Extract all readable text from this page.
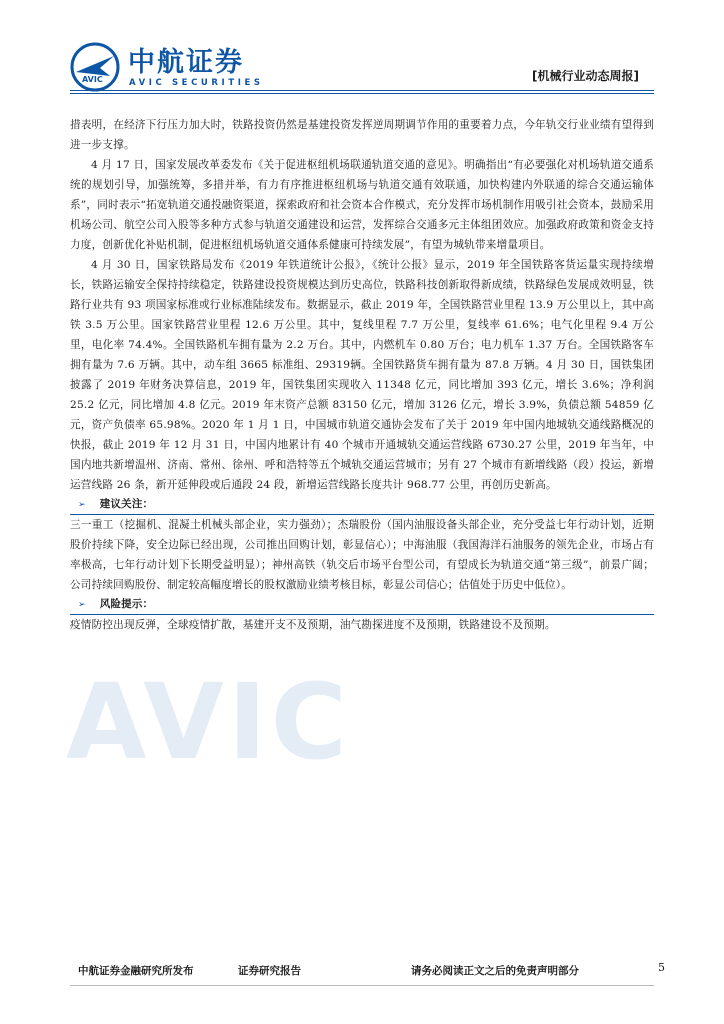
AVIC
中航证券
AVIC SECURITIES	[机械行业动态周报]
AVIC

措表明，在经济下行压力加大时，铁路投资仍然是基建投资发挥逆周期调节作用的重要着力点，今年轨交行业业绩有望得到进一步支撑。

4 月 17 日，国家发展改革委发布《关于促进枢纽机场联通轨道交通的意见》。明确指出“有必要强化对机场轨道交通系统的规划引导，加强统筹，多措并举，有力有序推进枢纽机场与轨道交通有效联通，加快构建内外联通的综合交通运输体系”，同时表示“拓宽轨道交通投融资渠道，探索政府和社会资本合作模式，充分发挥市场机制作用吸引社会资本，鼓励采用机场公司、航空公司入股等多种方式参与轨道交通建设和运营，发挥综合交通多元主体组团效应。加强政府政策和资金支持力度，创新优化补贴机制，促进枢纽机场轨道交通体系健康可持续发展”，有望为城轨带来增量项目。

4 月 30 日，国家铁路局发布《2019 年铁道统计公报》，《统计公报》显示，2019 年全国铁路客货运量实现持续增长，铁路运输安全保持持续稳定，铁路建设投资规模达到历史高位，铁路科技创新取得新成绩，铁路绿色发展成效明显，铁路行业共有 93 项国家标准或行业标准陆续发布。数据显示，截止 2019 年，全国铁路营业里程 13.9 万公里以上，其中高铁 3.5 万公里。国家铁路营业里程 12.6 万公里。其中，复线里程 7.7 万公里，复线率 61.6%；电气化里程 9.4 万公里，电化率 74.4%。全国铁路机车拥有量为 2.2 万台。其中，内燃机车 0.80 万台；电力机车 1.37 万台。全国铁路客车拥有量为 7.6 万辆。其中，动车组 3665 标准组、29319辆。全国铁路货车拥有量为 87.8 万辆。4 月 30 日，国铁集团披露了 2019 年财务决算信息，2019 年，国铁集团实现收入 11348 亿元，同比增加 393 亿元，增长 3.6%；净利润 25.2 亿元，同比增加 4.8 亿元。2019 年末资产总额 83150 亿元，增加 3126 亿元，增长 3.9%，负债总额 54859 亿元，资产负债率 65.98%。2020 年 1 月 1 日，中国城市轨道交通协会发布了关于 2019 年中国内地城轨交通线路概况的快报，截止 2019 年 12 月 31 日，中国内地累计有 40 个城市开通城轨交通运营线路 6730.27 公里，2019 年当年，中国内地共新增温州、济南、常州、徐州、呼和浩特等五个城轨交通运营城市；另有 27 个城市有新增线路（段）投运，新增运营线路 26 条，新开延伸段或后通段 24 段，新增运营线路长度共计 968.77 公里，再创历史新高。

➢ 建议关注：

三一重工（挖掘机、混凝土机械头部企业，实力强劲）；杰瑞股份（国内油服设备头部企业，充分受益七年行动计划，近期股价持续下降，安全边际已经出现，公司推出回购计划，彰显信心）；中海油服（我国海洋石油服务的领先企业，市场占有率极高，七年行动计划下长期受益明显）；神州高铁（轨交后市场平台型公司，有望成长为轨道交通“第三级”，前景广阔；公司持续回购股份、制定较高幅度增长的股权激励业绩考核目标，彰显公司信心；估值处于历史中低位）。

➢ 风险提示：

疫情防控出现反弹，全球疫情扩散，基建开支不及预期，油气勘探进度不及预期，铁路建设不及预期。

中航证券金融研究所发布	证券研究报告	请务必阅读正文之后的免责声明部分	5
